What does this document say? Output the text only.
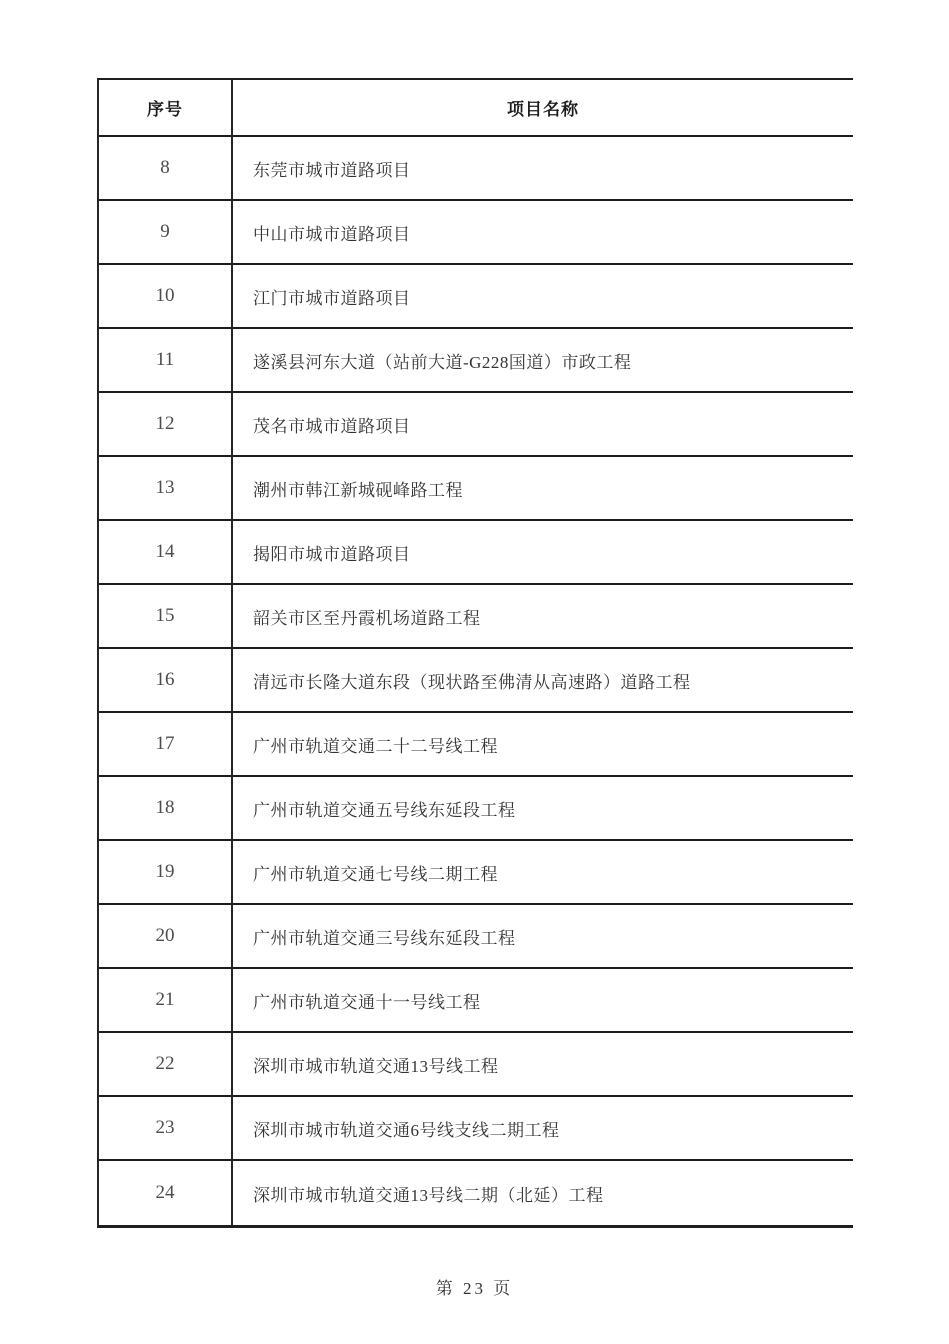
序号	项目名称
8	东莞市城市道路项目
9	中山市城市道路项目
10	江门市城市道路项目
11	遂溪县河东大道（站前大道-G228国道）市政工程
12	茂名市城市道路项目
13	潮州市韩江新城砚峰路工程
14	揭阳市城市道路项目
15	韶关市区至丹霞机场道路工程
16	清远市长隆大道东段（现状路至佛清从高速路）道路工程
17	广州市轨道交通二十二号线工程
18	广州市轨道交通五号线东延段工程
19	广州市轨道交通七号线二期工程
20	广州市轨道交通三号线东延段工程
21	广州市轨道交通十一号线工程
22	深圳市城市轨道交通13号线工程
23	深圳市城市轨道交通6号线支线二期工程
24	深圳市城市轨道交通13号线二期（北延）工程
第 23 页
